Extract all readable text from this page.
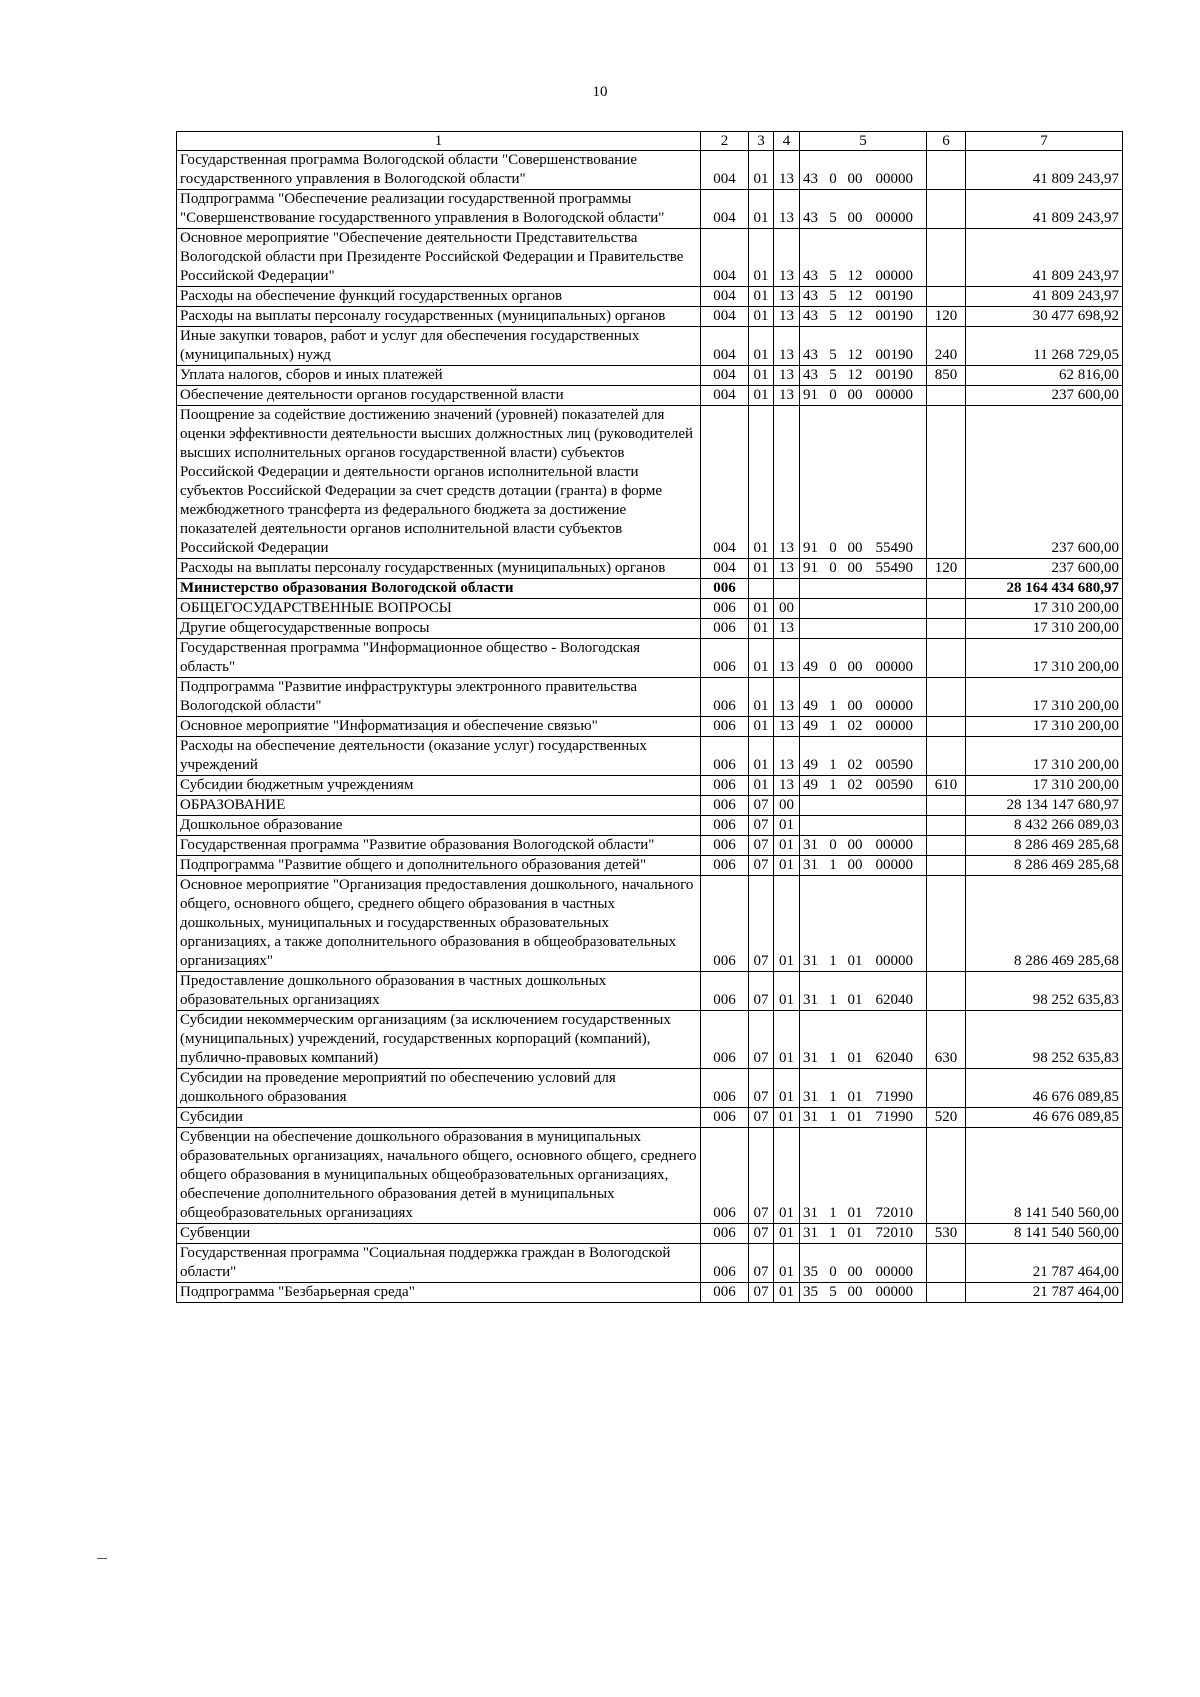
10
1	2	3	4	5	6	7
Государственная программа Вологодской области "Совершенствование государственного управления в Вологодской области"	004	01	13	43 0 00 00000		41 809 243,97
Подпрограмма "Обеспечение реализации государственной программы "Совершенствование государственного управления в Вологодской области"	004	01	13	43 5 00 00000		41 809 243,97
Основное мероприятие "Обеспечение деятельности Представительства Вологодской области при Президенте Российской Федерации и Правительстве Российской Федерации"	004	01	13	43 5 12 00000		41 809 243,97
Расходы на обеспечение функций государственных органов	004	01	13	43 5 12 00190		41 809 243,97
Расходы на выплаты персоналу государственных (муниципальных) органов	004	01	13	43 5 12 00190	120	30 477 698,92
Иные закупки товаров, работ и услуг для обеспечения государственных (муниципальных) нужд	004	01	13	43 5 12 00190	240	11 268 729,05
Уплата налогов, сборов и иных платежей	004	01	13	43 5 12 00190	850	62 816,00
Обеспечение деятельности органов государственной власти	004	01	13	91 0 00 00000		237 600,00
Поощрение за содействие достижению значений (уровней) показателей для оценки эффективности деятельности высших должностных лиц (руководителей высших исполнительных органов государственной власти) субъектов Российской Федерации и деятельности органов исполнительной власти субъектов Российской Федерации за счет средств дотации (гранта) в форме межбюджетного трансферта из федерального бюджета за достижение показателей деятельности органов исполнительной власти субъектов Российской Федерации	004	01	13	91 0 00 55490		237 600,00
Расходы на выплаты персоналу государственных (муниципальных) органов	004	01	13	91 0 00 55490	120	237 600,00
Министерство образования Вологодской области	006					28 164 434 680,97
ОБЩЕГОСУДАРСТВЕННЫЕ ВОПРОСЫ	006	01	00			17 310 200,00
Другие общегосударственные вопросы	006	01	13			17 310 200,00
Государственная программа "Информационное общество - Вологодская область"	006	01	13	49 0 00 00000		17 310 200,00
Подпрограмма "Развитие инфраструктуры электронного правительства Вологодской области"	006	01	13	49 1 00 00000		17 310 200,00
Основное мероприятие "Информатизация и обеспечение связью"	006	01	13	49 1 02 00000		17 310 200,00
Расходы на обеспечение деятельности (оказание услуг) государственных учреждений	006	01	13	49 1 02 00590		17 310 200,00
Субсидии бюджетным учреждениям	006	01	13	49 1 02 00590	610	17 310 200,00
ОБРАЗОВАНИЕ	006	07	00			28 134 147 680,97
Дошкольное образование	006	07	01			8 432 266 089,03
Государственная программа "Развитие образования Вологодской области"	006	07	01	31 0 00 00000		8 286 469 285,68
Подпрограмма "Развитие общего и дополнительного образования детей"	006	07	01	31 1 00 00000		8 286 469 285,68
Основное мероприятие "Организация предоставления дошкольного, начального общего, основного общего, среднего общего образования в частных дошкольных, муниципальных и государственных образовательных организациях, а также дополнительного образования в общеобразовательных организациях"	006	07	01	31 1 01 00000		8 286 469 285,68
Предоставление дошкольного образования в частных дошкольных образовательных организациях	006	07	01	31 1 01 62040		98 252 635,83
Субсидии некоммерческим организациям (за исключением государственных (муниципальных) учреждений, государственных корпораций (компаний), публично-правовых компаний)	006	07	01	31 1 01 62040	630	98 252 635,83
Субсидии на проведение мероприятий по обеспечению условий для дошкольного образования	006	07	01	31 1 01 71990		46 676 089,85
Субсидии	006	07	01	31 1 01 71990	520	46 676 089,85
Субвенции на обеспечение дошкольного образования в муниципальных образовательных организациях, начального общего, основного общего, среднего общего образования в муниципальных общеобразовательных организациях, обеспечение дополнительного образования детей в муниципальных общеобразовательных организациях	006	07	01	31 1 01 72010		8 141 540 560,00
Субвенции	006	07	01	31 1 01 72010	530	8 141 540 560,00
Государственная программа "Социальная поддержка граждан в Вологодской области"	006	07	01	35 0 00 00000		21 787 464,00
Подпрограмма "Безбарьерная среда"	006	07	01	35 5 00 00000		21 787 464,00
